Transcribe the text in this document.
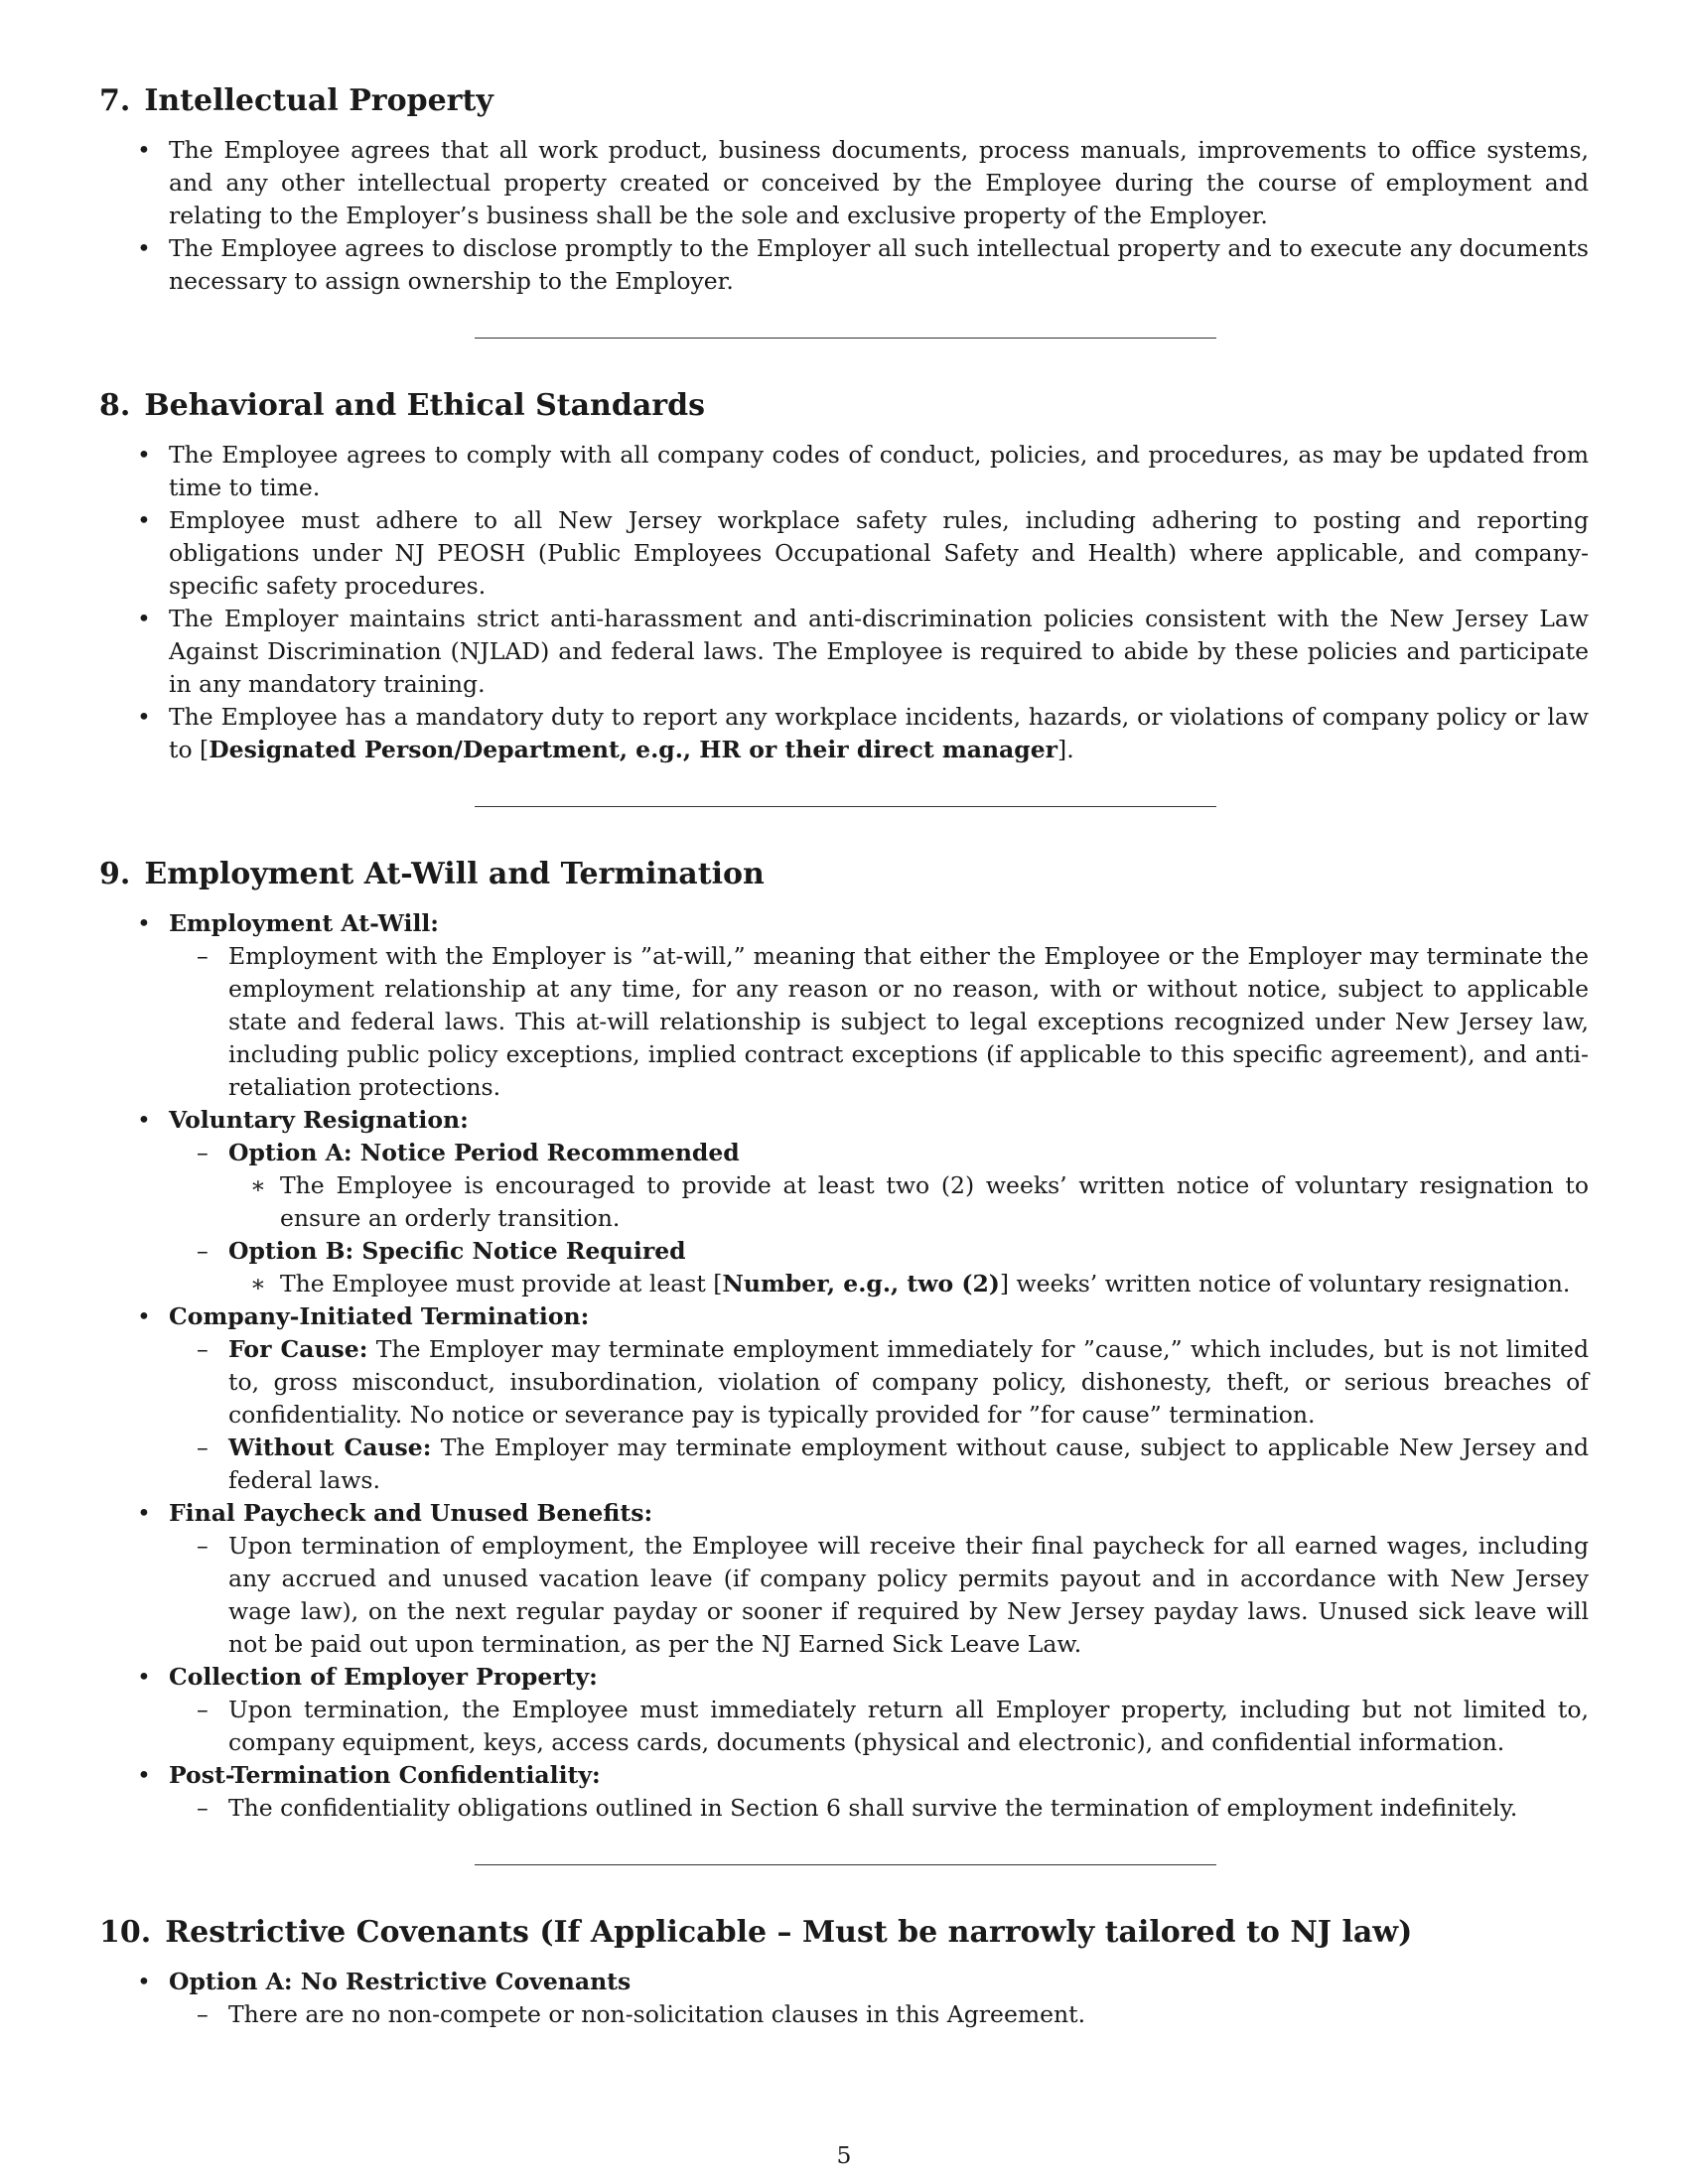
7. Intellectual Property
• The Employee agrees that all work product, business documents, process manuals, improvements to office systems, and any other intellectual property created or conceived by the Employee during the course of employment and relating to the Employer’s business shall be the sole and exclusive property of the Employer.
• The Employee agrees to disclose promptly to the Employer all such intellectual property and to execute any documents necessary to assign ownership to the Employer.
8. Behavioral and Ethical Standards
• The Employee agrees to comply with all company codes of conduct, policies, and procedures, as may be updated from time to time.
• Employee must adhere to all New Jersey workplace safety rules, including adhering to posting and reporting obligations under NJ PEOSH (Public Employees Occupational Safety and Health) where applicable, and company-specific safety procedures.
• The Employer maintains strict anti-harassment and anti-discrimination policies consistent with the New Jersey Law Against Discrimination (NJLAD) and federal laws. The Employee is required to abide by these policies and participate in any mandatory training.
• The Employee has a mandatory duty to report any workplace incidents, hazards, or violations of company policy or law to [Designated Person/Department, e.g., HR or their direct manager].
9. Employment At-Will and Termination
• Employment At-Will:
– Employment with the Employer is ”at-will,” meaning that either the Employee or the Employer may terminate the employment relationship at any time, for any reason or no reason, with or without notice, subject to applicable state and federal laws. This at-will relationship is subject to legal exceptions recognized under New Jersey law, including public policy exceptions, implied contract exceptions (if applicable to this specific agreement), and anti-retaliation protections.
• Voluntary Resignation:
– Option A: Notice Period Recommended
∗ The Employee is encouraged to provide at least two (2) weeks’ written notice of voluntary resignation to ensure an orderly transition.
– Option B: Specific Notice Required
∗ The Employee must provide at least [Number, e.g., two (2)] weeks’ written notice of voluntary resignation.
• Company-Initiated Termination:
– For Cause: The Employer may terminate employment immediately for ”cause,” which includes, but is not limited to, gross misconduct, insubordination, violation of company policy, dishonesty, theft, or serious breaches of confidentiality. No notice or severance pay is typically provided for ”for cause” termination.
– Without Cause: The Employer may terminate employment without cause, subject to applicable New Jersey and federal laws.
• Final Paycheck and Unused Benefits:
– Upon termination of employment, the Employee will receive their final paycheck for all earned wages, including any accrued and unused vacation leave (if company policy permits payout and in accordance with New Jersey wage law), on the next regular payday or sooner if required by New Jersey payday laws. Unused sick leave will not be paid out upon termination, as per the NJ Earned Sick Leave Law.
• Collection of Employer Property:
– Upon termination, the Employee must immediately return all Employer property, including but not limited to, company equipment, keys, access cards, documents (physical and electronic), and confidential information.
• Post-Termination Confidentiality:
– The confidentiality obligations outlined in Section 6 shall survive the termination of employment indefinitely.
10. Restrictive Covenants (If Applicable – Must be narrowly tailored to NJ law)
• Option A: No Restrictive Covenants
– There are no non-compete or non-solicitation clauses in this Agreement.
5
